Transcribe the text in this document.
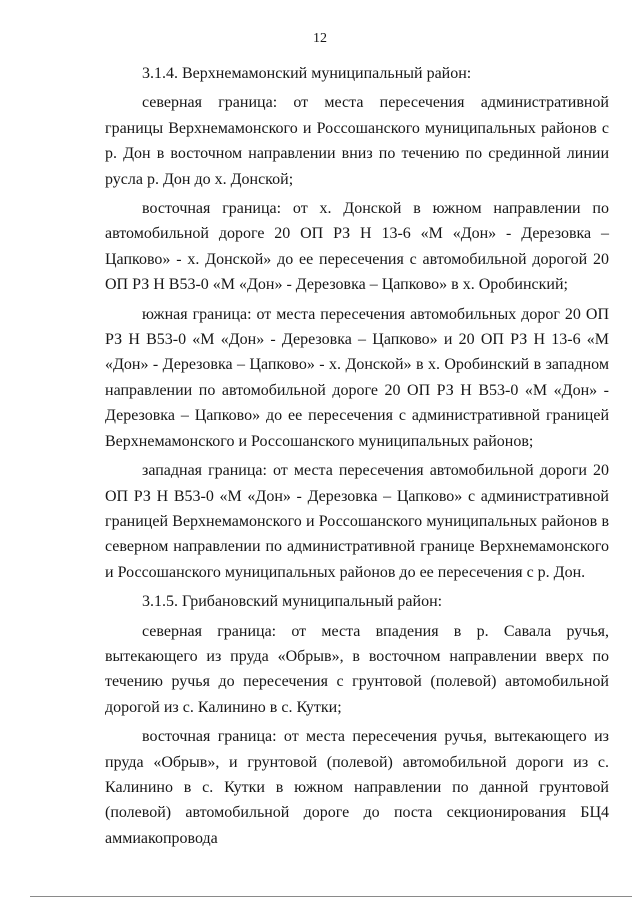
12

3.1.4. Верхнемамонский муниципальный район:

северная граница: от места пересечения административной границы Верхнемамонского и Россошанского муниципальных районов с р. Дон в восточном направлении вниз по течению по срединной линии русла р. Дон до х. Донской;

восточная граница: от х. Донской в южном направлении по автомобильной дороге 20 ОП РЗ Н 13-6 «М «Дон» - Дерезовка – Цапково» - х. Донской» до ее пересечения с автомобильной дорогой 20 ОП РЗ Н В53-0 «М «Дон» - Дерезовка – Цапково» в х. Оробинский;

южная граница: от места пересечения автомобильных дорог 20 ОП РЗ Н В53-0 «М «Дон» - Дерезовка – Цапково» и 20 ОП РЗ Н 13-6 «М «Дон» - Дерезовка – Цапково» - х. Донской» в х. Оробинский в западном направлении по автомобильной дороге 20 ОП РЗ Н В53-0 «М «Дон» - Дерезовка – Цапково» до ее пересечения с административной границей Верхнемамонского и Россошанского муниципальных районов;

западная граница: от места пересечения автомобильной дороги 20 ОП РЗ Н В53-0 «М «Дон» - Дерезовка – Цапково» с административной границей Верхнемамонского и Россошанского муниципальных районов в северном направлении по административной границе Верхнемамонского и Россошанского муниципальных районов до ее пересечения с р. Дон.

3.1.5. Грибановский муниципальный район:

северная граница: от места впадения в р. Савала ручья, вытекающего из пруда «Обрыв», в восточном направлении вверх по течению ручья до пересечения с грунтовой (полевой) автомобильной дорогой из с. Калинино в с. Кутки;

восточная граница: от места пересечения ручья, вытекающего из пруда «Обрыв», и грунтовой (полевой) автомобильной дороги из с. Калинино в с. Кутки в южном направлении по данной грунтовой (полевой) автомобильной дороге до поста секционирования БЦ4 аммиакопровода
